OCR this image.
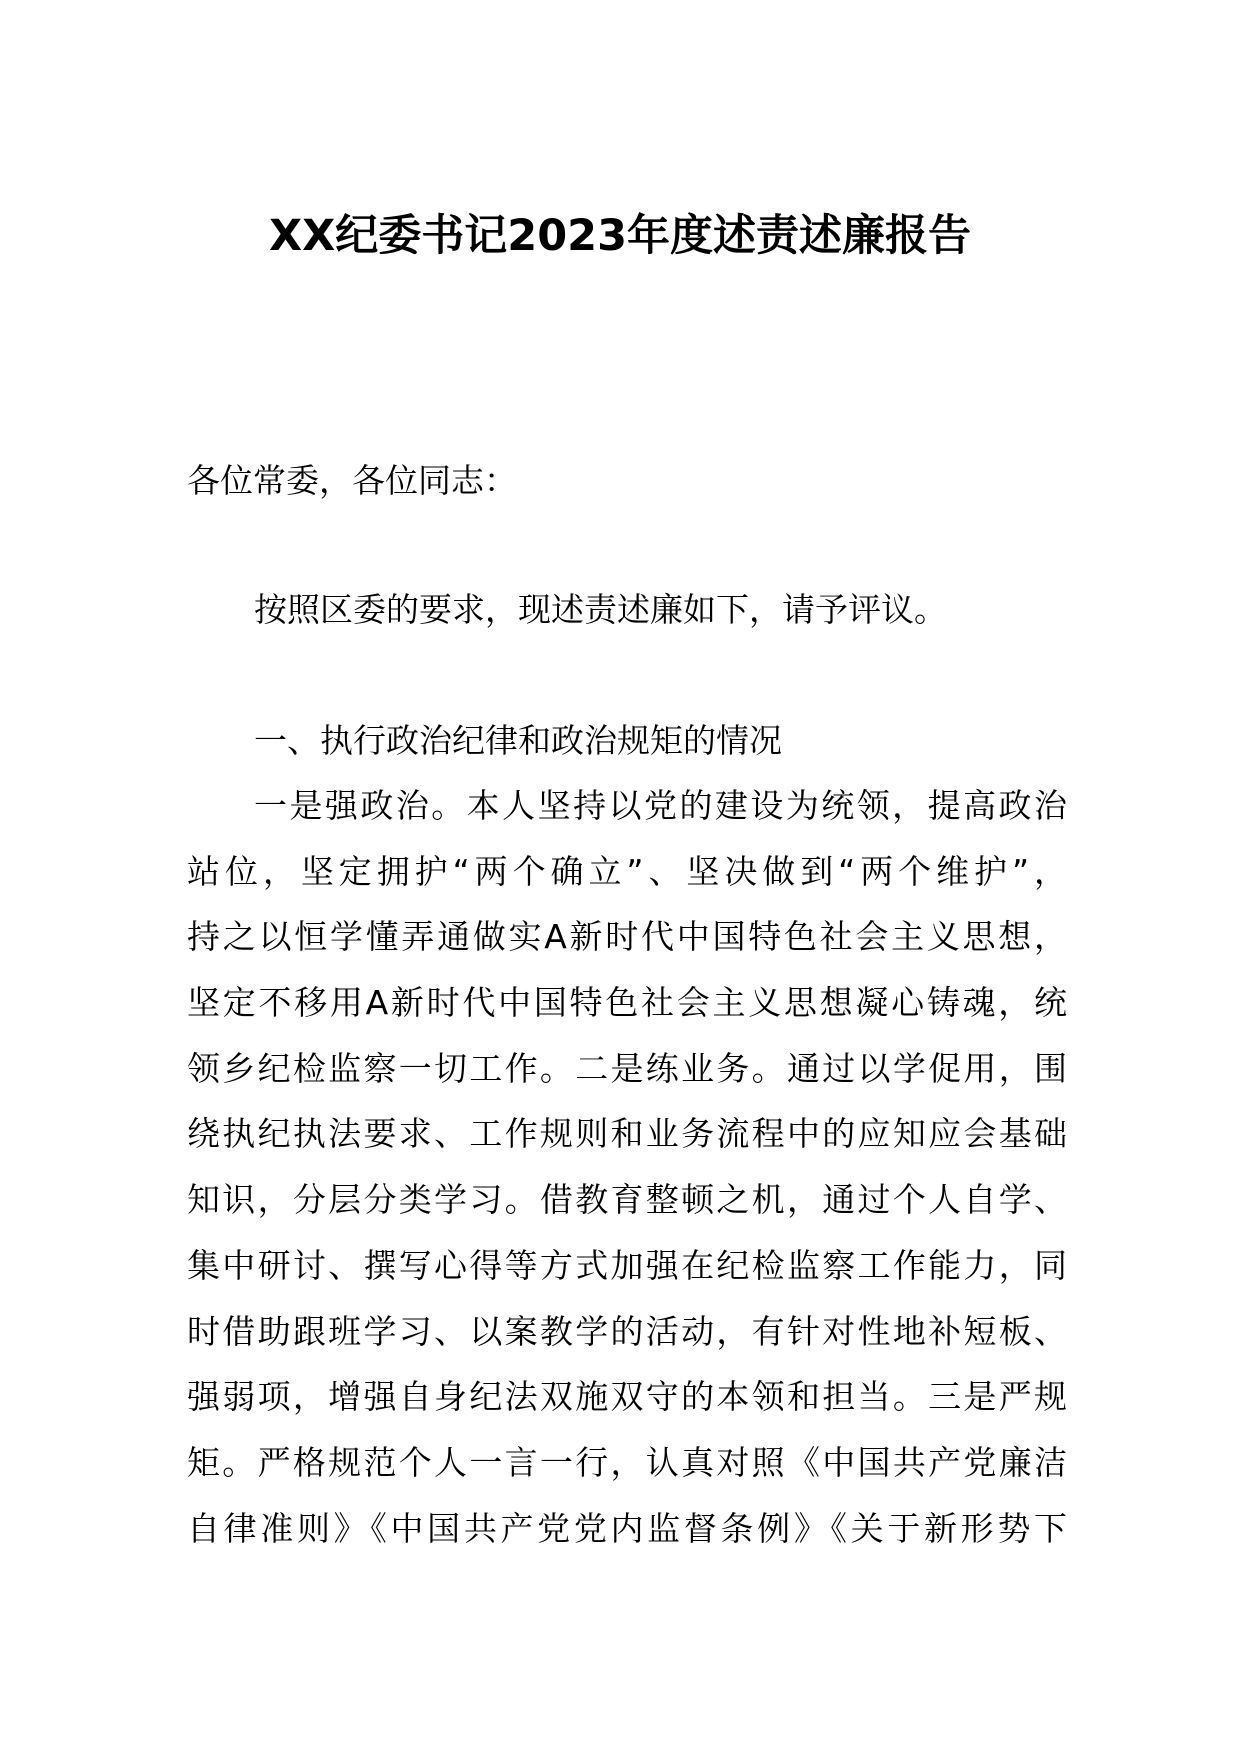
XX纪委书记2023年度述责述廉报告
各位常委，各位同志：
按照区委的要求，现述责述廉如下，请予评议。
一、执行政治纪律和政治规矩的情况
一是强政治。本人坚持以党的建设为统领，提高政治
站位，坚定拥护“两个确立”、坚决做到“两个维护”，
持之以恒学懂弄通做实A新时代中国特色社会主义思想，
坚定不移用A新时代中国特色社会主义思想凝心铸魂，统
领乡纪检监察一切工作。二是练业务。通过以学促用，围
绕执纪执法要求、工作规则和业务流程中的应知应会基础
知识，分层分类学习。借教育整顿之机，通过个人自学、
集中研讨、撰写心得等方式加强在纪检监察工作能力，同
时借助跟班学习、以案教学的活动，有针对性地补短板、
强弱项，增强自身纪法双施双守的本领和担当。三是严规
矩。严格规范个人一言一行，认真对照《中国共产党廉洁
自律准则》《中国共产党党内监督条例》《关于新形势下
